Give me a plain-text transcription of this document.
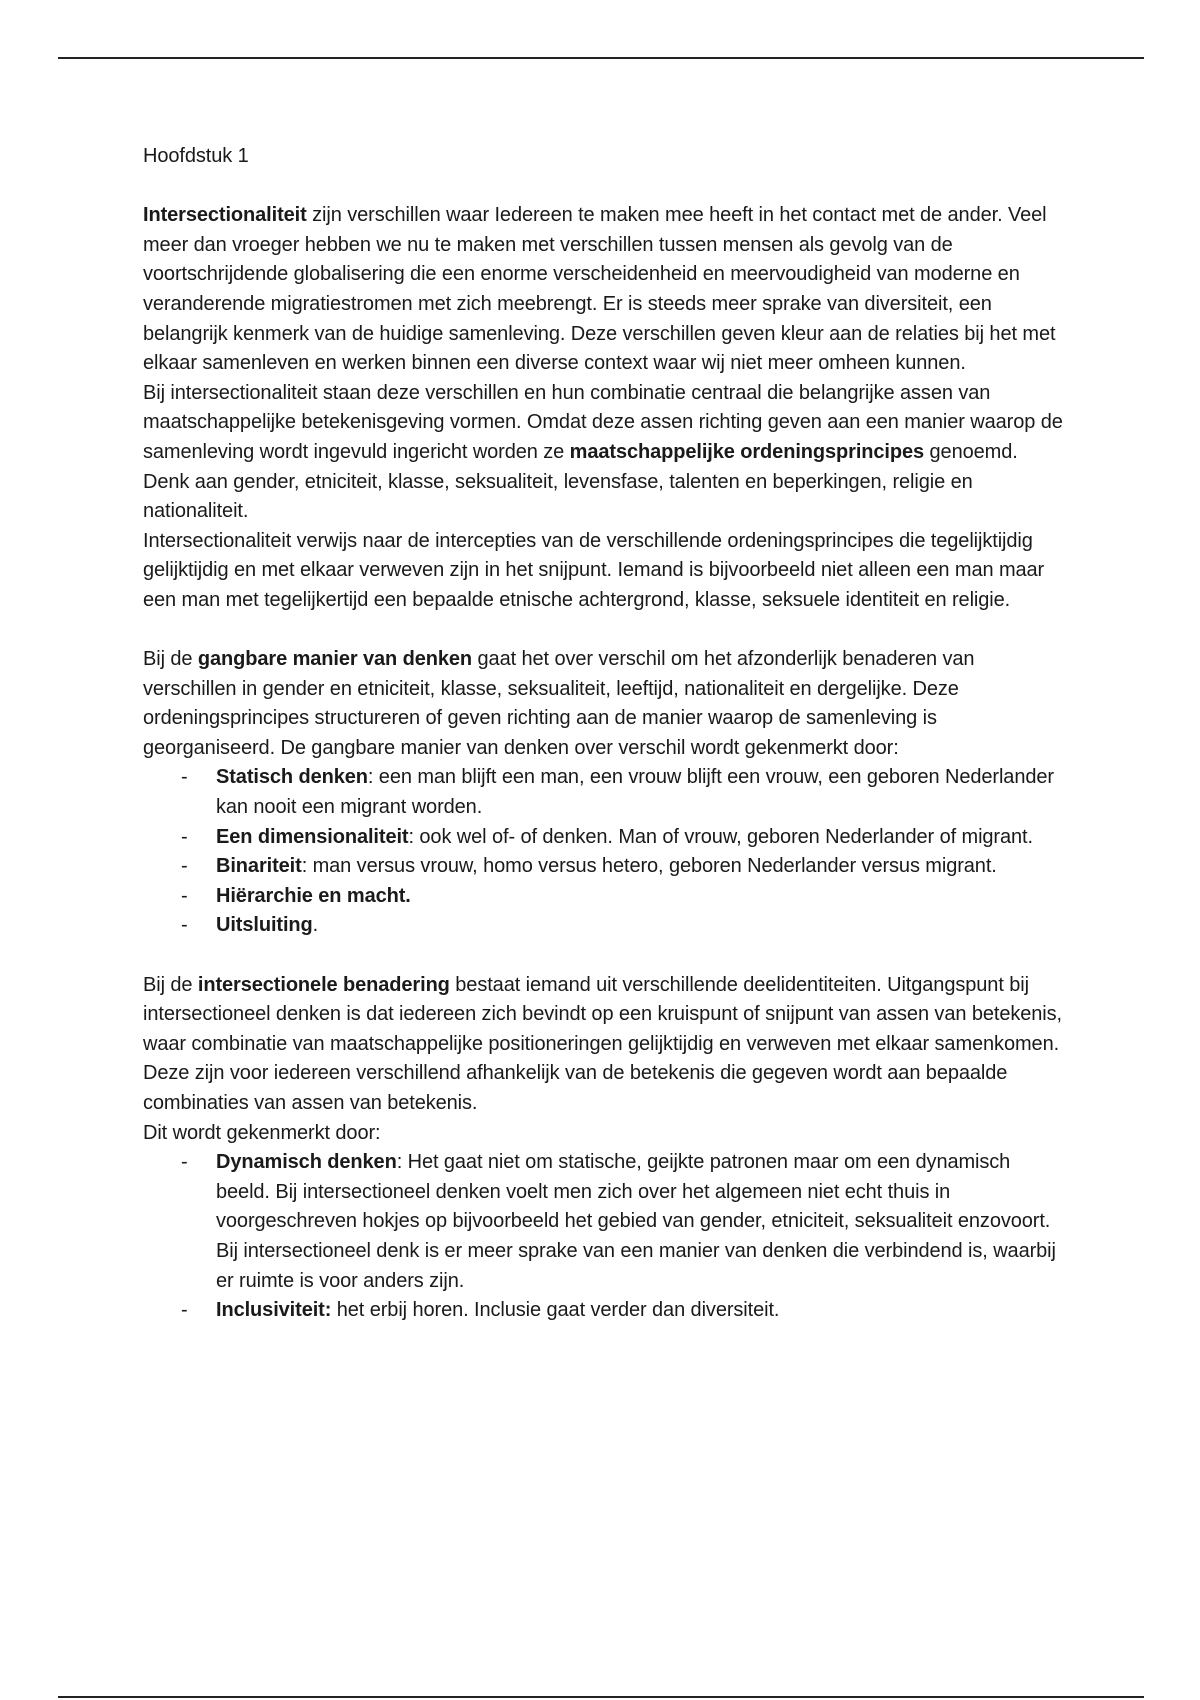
Hoofdstuk 1

Intersectionaliteit zijn verschillen waar Iedereen te maken mee heeft in het contact met de ander. Veel meer dan vroeger hebben we nu te maken met verschillen tussen mensen als gevolg van de voortschrijdende globalisering die een enorme verscheidenheid en meervoudigheid van moderne en veranderende migratiestromen met zich meebrengt. Er is steeds meer sprake van diversiteit, een belangrijk kenmerk van de huidige samenleving. Deze verschillen geven kleur aan de relaties bij het met elkaar samenleven en werken binnen een diverse context waar wij niet meer omheen kunnen.

Bij intersectionaliteit staan deze verschillen en hun combinatie centraal die belangrijke assen van maatschappelijke betekenisgeving vormen. Omdat deze assen richting geven aan een manier waarop de samenleving wordt ingevuld ingericht worden ze maatschappelijke ordeningsprincipes genoemd. Denk aan gender, etniciteit, klasse, seksualiteit, levensfase, talenten en beperkingen, religie en nationaliteit.

Intersectionaliteit verwijs naar de intercepties van de verschillende ordeningsprincipes die tegelijktijdig gelijktijdig en met elkaar verweven zijn in het snijpunt. Iemand is bijvoorbeeld niet alleen een man maar een man met tegelijkertijd een bepaalde etnische achtergrond, klasse, seksuele identiteit en religie.

Bij de gangbare manier van denken gaat het over verschil om het afzonderlijk benaderen van verschillen in gender en etniciteit, klasse, seksualiteit, leeftijd, nationaliteit en dergelijke. Deze ordeningsprincipes structureren of geven richting aan de manier waarop de samenleving is georganiseerd. De gangbare manier van denken over verschil wordt gekenmerkt door:

- Statisch denken: een man blijft een man, een vrouw blijft een vrouw, een geboren Nederlander kan nooit een migrant worden.
- Een dimensionaliteit: ook wel of- of denken. Man of vrouw, geboren Nederlander of migrant.
- Binariteit: man versus vrouw, homo versus hetero, geboren Nederlander versus migrant.
- Hiërarchie en macht.
- Uitsluiting.

Bij de intersectionele benadering bestaat iemand uit verschillende deelidentiteiten. Uitgangspunt bij intersectioneel denken is dat iedereen zich bevindt op een kruispunt of snijpunt van assen van betekenis, waar combinatie van maatschappelijke positioneringen gelijktijdig en verweven met elkaar samenkomen. Deze zijn voor iedereen verschillend afhankelijk van de betekenis die gegeven wordt aan bepaalde combinaties van assen van betekenis.

Dit wordt gekenmerkt door:

- Dynamisch denken: Het gaat niet om statische, geijkte patronen maar om een dynamisch beeld. Bij intersectioneel denken voelt men zich over het algemeen niet echt thuis in voorgeschreven hokjes op bijvoorbeeld het gebied van gender, etniciteit, seksualiteit enzovoort. Bij intersectioneel denk is er meer sprake van een manier van denken die verbindend is, waarbij er ruimte is voor anders zijn.
- Inclusiviteit: het erbij horen. Inclusie gaat verder dan diversiteit.
